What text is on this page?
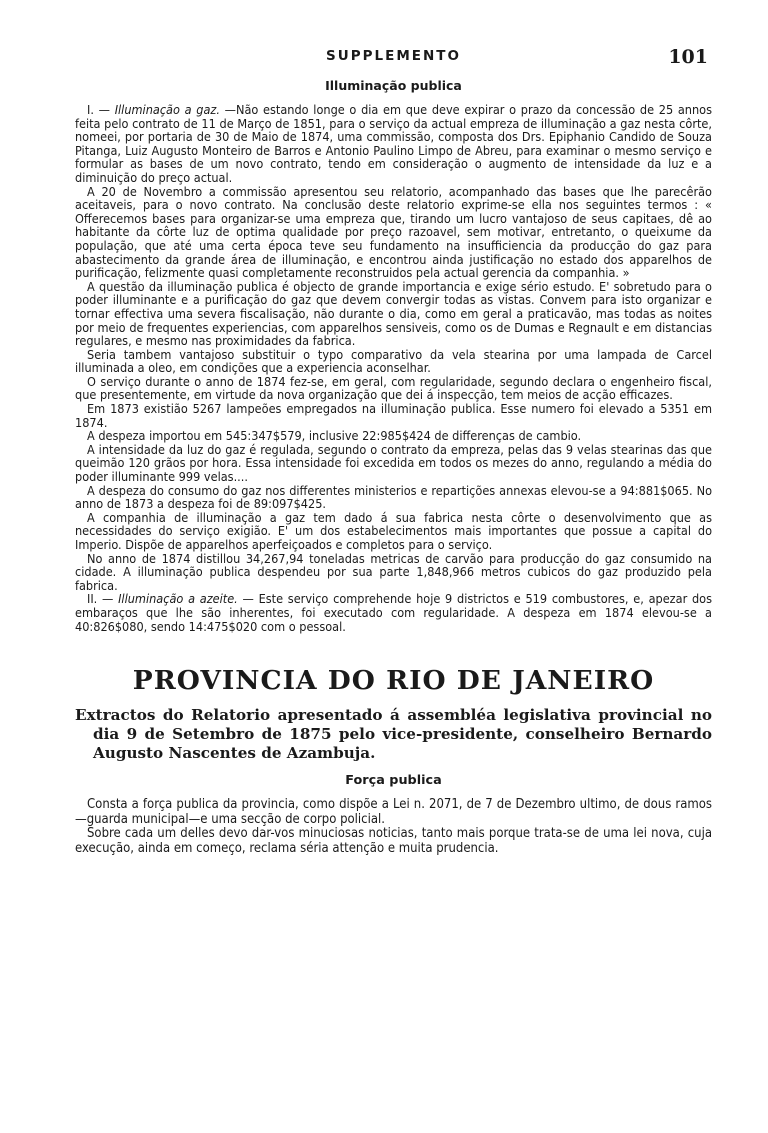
SUPPLEMENTO	101
Illuminação publica

I. — Illuminação a gaz. —Não estando longe o dia em que deve expirar o prazo da concessão de 25 annos feita pelo contrato de 11 de Março de 1851, para o serviço da actual empreza de illuminação a gaz nesta côrte, nomeei, por portaria de 30 de Maio de 1874, uma commissão, composta dos Drs. Epiphanio Candido de Souza Pitanga, Luiz Augusto Monteiro de Barros e Antonio Paulino Limpo de Abreu, para examinar o mesmo serviço e formular as bases de um novo contrato, tendo em consideração o augmento de intensidade da luz e a diminuição do preço actual.

A 20 de Novembro a commissão apresentou seu relatorio, acompanhado das bases que lhe parecêrão aceitaveis, para o novo contrato. Na conclusão deste relatorio exprime-se ella nos seguintes termos : « Offerecemos bases para organizar-se uma empreza que, tirando um lucro vantajoso de seus capitaes, dê ao habitante da côrte luz de optima qualidade por preço razoavel, sem motivar, entretanto, o queixume da população, que até uma certa época teve seu fundamento na insufficiencia da producção do gaz para abastecimento da grande área de illuminação, e encontrou ainda justificação no estado dos apparelhos de purificação, felizmente quasi completamente reconstruidos pela actual gerencia da companhia. »

A questão da illuminação publica é objecto de grande importancia e exige sério estudo. E' sobretudo para o poder illuminante e a purificação do gaz que devem convergir todas as vistas. Convem para isto organizar e tornar effectiva uma severa fiscalisação, não durante o dia, como em geral a praticavão, mas todas as noites por meio de frequentes experiencias, com apparelhos sensiveis, como os de Dumas e Regnault e em distancias regulares, e mesmo nas proximidades da fabrica.

Seria tambem vantajoso substituir o typo comparativo da vela stearina por uma lampada de Carcel illuminada a oleo, em condições que a experiencia aconselhar.

O serviço durante o anno de 1874 fez-se, em geral, com regularidade, segundo declara o engenheiro fiscal, que presentemente, em virtude da nova organização que dei á inspecção, tem meios de acção efficazes.

Em 1873 existião 5267 lampeões empregados na illuminação publica. Esse numero foi elevado a 5351 em 1874.

A despeza importou em 545:347$579, inclusive 22:985$424 de differenças de cambio.

A intensidade da luz do gaz é regulada, segundo o contrato da empreza, pelas das 9 velas stearinas das que queimão 120 grãos por hora. Essa intensidade foi excedida em todos os mezes do anno, regulando a média do poder illuminante 999 velas....

A despeza do consumo do gaz nos differentes ministerios e repartições annexas elevou-se a 94:881$065. No anno de 1873 a despeza foi de 89:097$425.

A companhia de illuminação a gaz tem dado á sua fabrica nesta côrte o desenvolvimento que as necessidades do serviço exigião. E' um dos estabelecimentos mais importantes que possue a capital do Imperio. Dispõe de apparelhos aperfeiçoados e completos para o serviço.

No anno de 1874 distillou 34,267,94 toneladas metricas de carvão para producção do gaz consumido na cidade. A illuminação publica despendeu por sua parte 1,848,966 metros cubicos do gaz produzido pela fabrica.

II. — Illuminação a azeite. — Este serviço comprehende hoje 9 districtos e 519 combustores, e, apezar dos embaraços que lhe são inherentes, foi executado com regularidade. A despeza em 1874 elevou-se a 40:826$080, sendo 14:475$020 com o pessoal.

PROVINCIA DO RIO DE JANEIRO

Extractos do Relatorio apresentado á assembléa legislativa provincial no dia 9 de Setembro de 1875 pelo vice-presidente, conselheiro Bernardo Augusto Nascentes de Azambuja.

Força publica

Consta a força publica da provincia, como dispõe a Lei n. 2071, de 7 de Dezembro ultimo, de dous ramos—guarda municipal—e uma secção de corpo policial.

Sobre cada um delles devo dar-vos minuciosas noticias, tanto mais porque trata-se de uma lei nova, cuja execução, ainda em começo, reclama séria attenção e muita prudencia.
